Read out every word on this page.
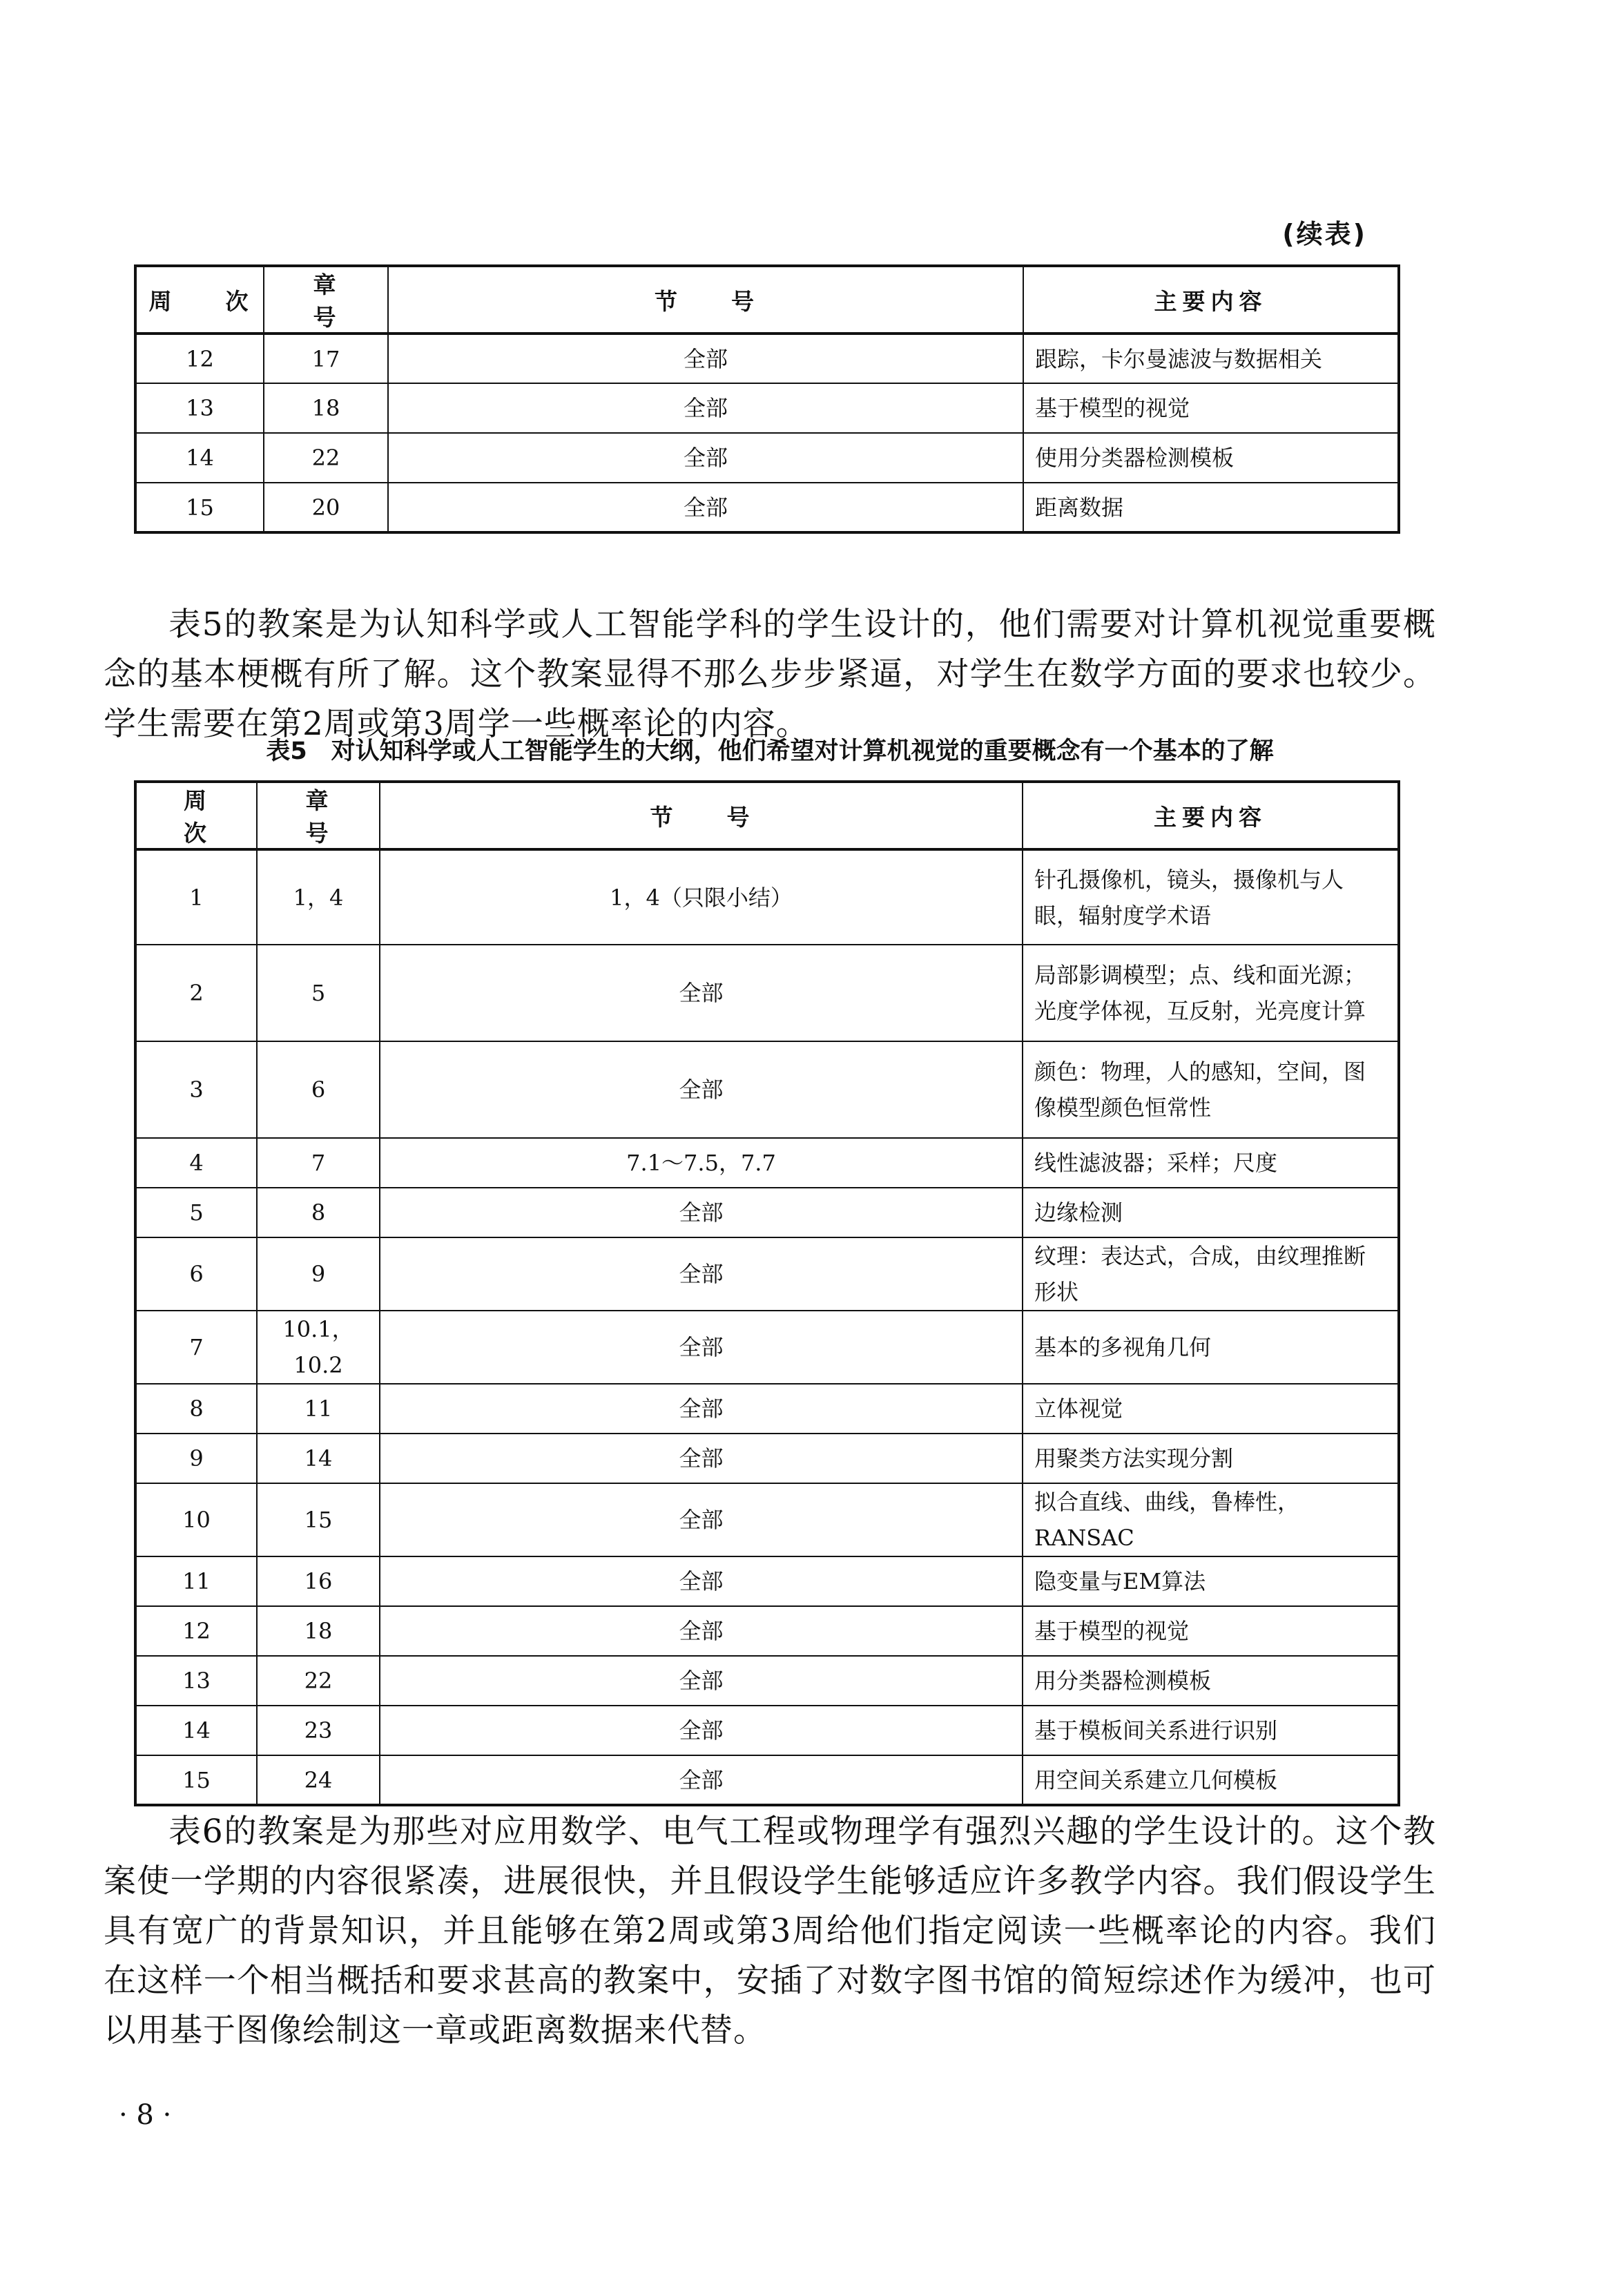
(续表)
周　　次	章　　号	节　　号	主要内容
12	17	全部	跟踪，卡尔曼滤波与数据相关
13	18	全部	基于模型的视觉
14	22	全部	使用分类器检测模板
15	20	全部	距离数据

表5的教案是为认知科学或人工智能学科的学生设计的，他们需要对计算机视觉重要概念的基本梗概有所了解。这个教案显得不那么步步紧逼，对学生在数学方面的要求也较少。学生需要在第2周或第3周学一些概率论的内容。

表5　对认知科学或人工智能学生的大纲，他们希望对计算机视觉的重要概念有一个基本的了解
周　　次	章　　号	节　　号	主要内容
1	1，4	1，4（只限小结）	针孔摄像机，镜头，摄像机与人眼，辐射度学术语
2	5	全部	局部影调模型；点、线和面光源；光度学体视，互反射，光亮度计算
3	6	全部	颜色：物理，人的感知，空间，图像模型颜色恒常性
4	7	7.1～7.5，7.7	线性滤波器；采样；尺度
5	8	全部	边缘检测
6	9	全部	纹理：表达式，合成，由纹理推断形状
7	10.1，10.2	全部	基本的多视角几何
8	11	全部	立体视觉
9	14	全部	用聚类方法实现分割
10	15	全部	拟合直线、曲线，鲁棒性，RANSAC
11	16	全部	隐变量与EM算法
12	18	全部	基于模型的视觉
13	22	全部	用分类器检测模板
14	23	全部	基于模板间关系进行识别
15	24	全部	用空间关系建立几何模板

表6的教案是为那些对应用数学、电气工程或物理学有强烈兴趣的学生设计的。这个教案使一学期的内容很紧凑，进展很快，并且假设学生能够适应许多教学内容。我们假设学生具有宽广的背景知识，并且能够在第2周或第3周给他们指定阅读一些概率论的内容。我们在这样一个相当概括和要求甚高的教案中，安插了对数字图书馆的简短综述作为缓冲，也可以用基于图像绘制这一章或距离数据来代替。

· 8 ·
